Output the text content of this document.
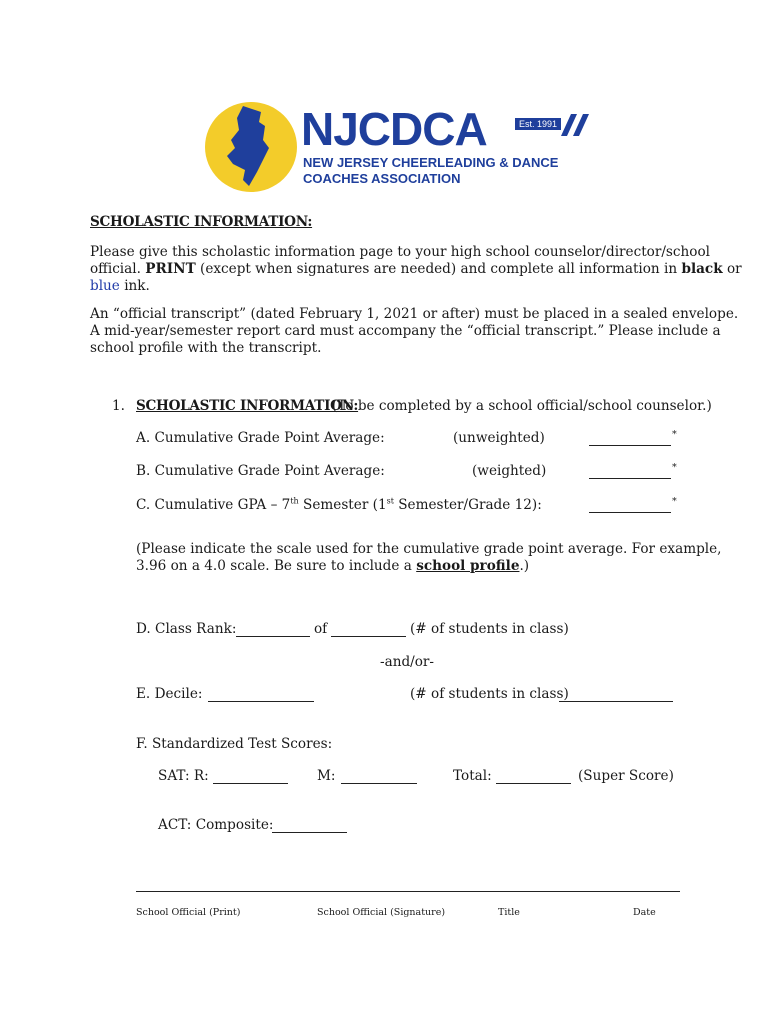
NJCDCA	Est. 1991
NEW JERSEY CHEERLEADING & DANCE
COACHES ASSOCIATION
SCHOLASTIC INFORMATION:
Please give this scholastic information page to your high school counselor/director/school
official. PRINT (except when signatures are needed) and complete all information in black or
blue ink.
An “official transcript” (dated February 1, 2021 or after) must be placed in a sealed envelope.
A mid-year/semester report card must accompany the “official transcript.” Please include a
school profile with the transcript.
1. SCHOLASTIC INFORMATION:
(To be completed by a school official/school counselor.)
A. Cumulative Grade Point Average:	(unweighted)	*
B. Cumulative Grade Point Average:	(weighted)	*
C. Cumulative GPA – 7th Semester (1st Semester/Grade 12):	*
(Please indicate the scale used for the cumulative grade point average. For example,
3.96 on a 4.0 scale. Be sure to include a school profile.)
D. Class Rank:	of	(# of students in class)
-and/or-
E. Decile:	(# of students in class)
F. Standardized Test Scores:
SAT: R:	M:	Total:	(Super Score)
ACT: Composite:
School Official (Print)	School Official (Signature)	Title	Date
